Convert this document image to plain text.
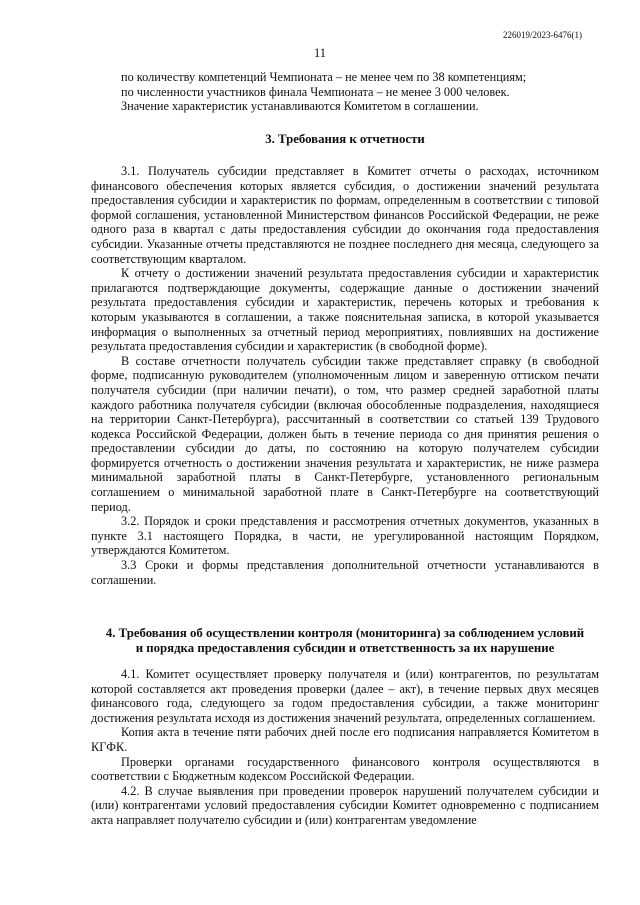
226019/2023-6476(1)
11

по количеству компетенций Чемпионата – не менее чем по 38 компетенциям;

по численности участников финала Чемпионата – не менее 3 000 человек.

Значение характеристик устанавливаются Комитетом в соглашении.

3. Требования к отчетности

3.1. Получатель субсидии представляет в Комитет отчеты о расходах, источником финансового обеспечения которых является субсидия, о достижении значений результата предоставления субсидии и характеристик по формам, определенным в соответствии с типовой формой соглашения, установленной Министерством финансов Российской Федерации, не реже одного раза в квартал с даты предоставления субсидии до окончания года предоставления субсидии. Указанные отчеты представляются не позднее последнего дня месяца, следующего за соответствующим кварталом.

К отчету о достижении значений результата предоставления субсидии и характеристик прилагаются подтверждающие документы, содержащие данные о достижении значений результата предоставления субсидии и характеристик, перечень которых и требования к которым указываются в соглашении, а также пояснительная записка, в которой указывается информация о выполненных за отчетный период мероприятиях, повлиявших на достижение результата предоставления субсидии и характеристик (в свободной форме).

В составе отчетности получатель субсидии также представляет справку (в свободной форме, подписанную руководителем (уполномоченным лицом и заверенную оттиском печати получателя субсидии (при наличии печати), о том, что размер средней заработной платы каждого работника получателя субсидии (включая обособленные подразделения, находящиеся на территории Санкт-Петербурга), рассчитанный в соответствии со статьей 139 Трудового кодекса Российской Федерации, должен быть в течение периода со дня принятия решения о предоставлении субсидии до даты, по состоянию на которую получателем субсидии формируется отчетность о достижении значения результата и характеристик, не ниже размера минимальной заработной платы в Санкт-Петербурге, установленного региональным соглашением о минимальной заработной плате в Санкт-Петербурге на соответствующий период.

3.2. Порядок и сроки представления и рассмотрения отчетных документов, указанных в пункте 3.1 настоящего Порядка, в части, не урегулированной настоящим Порядком, утверждаются Комитетом.

3.3 Сроки и формы представления дополнительной отчетности устанавливаются в соглашении.

4. Требования об осуществлении контроля (мониторинга) за соблюдением условий
и порядка предоставления субсидии и ответственность за их нарушение

4.1. Комитет осуществляет проверку получателя и (или) контрагентов, по результатам которой составляется акт проведения проверки (далее – акт), в течение первых двух месяцев финансового года, следующего за годом предоставления субсидии, а также мониторинг достижения результата исходя из достижения значений результата, определенных соглашением.

Копия акта в течение пяти рабочих дней после его подписания направляется Комитетом в КГФК.

Проверки органами государственного финансового контроля осуществляются в соответствии с Бюджетным кодексом Российской Федерации.

4.2. В случае выявления при проведении проверок нарушений получателем субсидии и (или) контрагентами условий предоставления субсидии Комитет одновременно с подписанием акта направляет получателю субсидии и (или) контрагентам уведомление
